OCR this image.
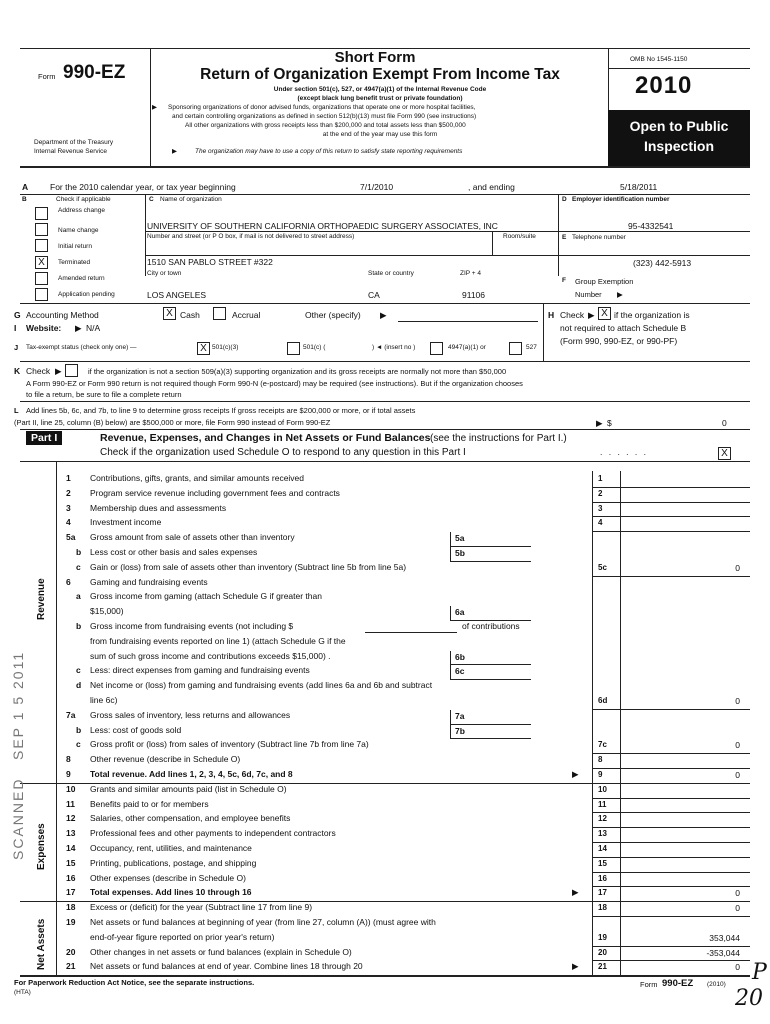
Form 990-EZ
Department of the Treasury
Internal Revenue Service
Short Form
Return of Organization Exempt From Income Tax
Under section 501(c), 527, or 4947(a)(1) of the Internal Revenue Code
(except black lung benefit trust or private foundation)
▶ Sponsoring organizations of donor advised funds, organizations that operate one or more hospital facilities,
and certain controlling organizations as defined in section 512(b)(13) must file Form 990 (see instructions)
All other organizations with gross receipts less than $200,000 and total assets less than $500,000
at the end of the year may use this form
▶	The organization may have to use a copy of this return to satisfy state reporting requirements
OMB No 1545-1150
2010
Open to Public
Inspection
A	For the 2010 calendar year, or tax year beginning	7/1/2010	, and ending	5/18/2011
B	Check if applicable	C Name of organization	D Employer identification number
Address change
Name change
Initial return
X	Terminated
Amended return
Application pending
UNIVERSITY OF SOUTHERN CALIFORNIA ORTHOPAEDIC SURGERY ASSOCIATES, INC	95-4332541
Number and street (or P O box, if mail is not delivered to street address)	Room/suite	E Telephone number
1510 SAN PABLO STREET #322	(323) 442-5913
City or town	State or country	ZIP + 4
F Group Exemption
Number ▶
LOS ANGELES	CA	91106
G Accounting Method	X Cash	Accrual	Other (specify) ▶
I Website: ▶ N/A
H Check ▶ X if the organization is
not required to attach Schedule B
(Form 990, 990-EZ, or 990-PF)
J Tax-exempt status (check only one) —	X 501(c)(3)	501(c) (	) ◄ (insert no )	4947(a)(1) or	527
K Check ▶	if the organization is not a section 509(a)(3) supporting organization and its gross receipts are normally not more than $50,000
A Form 990-EZ or Form 990 return is not required though Form 990-N (e-postcard) may be required (see instructions). But if the organization chooses
to file a return, be sure to file a complete return
L Add lines 5b, 6c, and 7b, to line 9 to determine gross receipts If gross receipts are $200,000 or more, or if total assets
(Part II, line 25, column (B) below) are $500,000 or more, file Form 990 instead of Form 990-EZ	▶ $	0
Part I	Revenue, Expenses, and Changes in Net Assets or Fund Balances (see the instructions for Part I.)
Check if the organization used Schedule O to respond to any question in this Part I	. . . . . .	X
1 Contributions, gifts, grants, and similar amounts received	1
2 Program service revenue including government fees and contracts	2
3 Membership dues and assessments	3
4 Investment income	4
5a Gross amount from sale of assets other than inventory	5a
b Less cost or other basis and sales expenses	5b
c Gain or (loss) from sale of assets other than inventory (Subtract line 5b from line 5a)	5c	0
6 Gaming and fundraising events
a Gross income from gaming (attach Schedule G if greater than
$15,000)	6a
b Gross income from fundraising events (not including $	of contributions
from fundraising events reported on line 1) (attach Schedule G if the
sum of such gross income and contributions exceeds $15,000) .	6b
c Less: direct expenses from gaming and fundraising events	6c
d Net income or (loss) from gaming and fundraising events (add lines 6a and 6b and subtract
line 6c)	6d	0
7a Gross sales of inventory, less returns and allowances	7a
b Less: cost of goods sold	7b
c Gross profit or (loss) from sales of inventory (Subtract line 7b from line 7a)	7c	0
8 Other revenue (describe in Schedule O)	8
9 Total revenue. Add lines 1, 2, 3, 4, 5c, 6d, 7c, and 8	9	0
▶
10 Grants and similar amounts paid (list in Schedule O)	10
11 Benefits paid to or for members	11
12 Salaries, other compensation, and employee benefits	12
13 Professional fees and other payments to independent contractors	13
14 Occupancy, rent, utilities, and maintenance	14
15 Printing, publications, postage, and shipping	15
16 Other expenses (describe in Schedule O)	16
17 Total expenses. Add lines 10 through 16	17	0
▶
18 Excess or (deficit) for the year (Subtract line 17 from line 9)	18	0
19 Net assets or fund balances at beginning of year (from line 27, column (A)) (must agree with
end-of-year figure reported on prior year's return)	19	353,044
20 Other changes in net assets or fund balances (explain in Schedule O)	20	-353,044
21 Net assets or fund balances at end of year. Combine lines 18 through 20	21	0
▶
Revenue
Expenses
Net Assets
SCANNED
SEP 1 5 2011
For Paperwork Reduction Act Notice, see the separate instructions.
(HTA)
Form 990-EZ (2010) P
20
